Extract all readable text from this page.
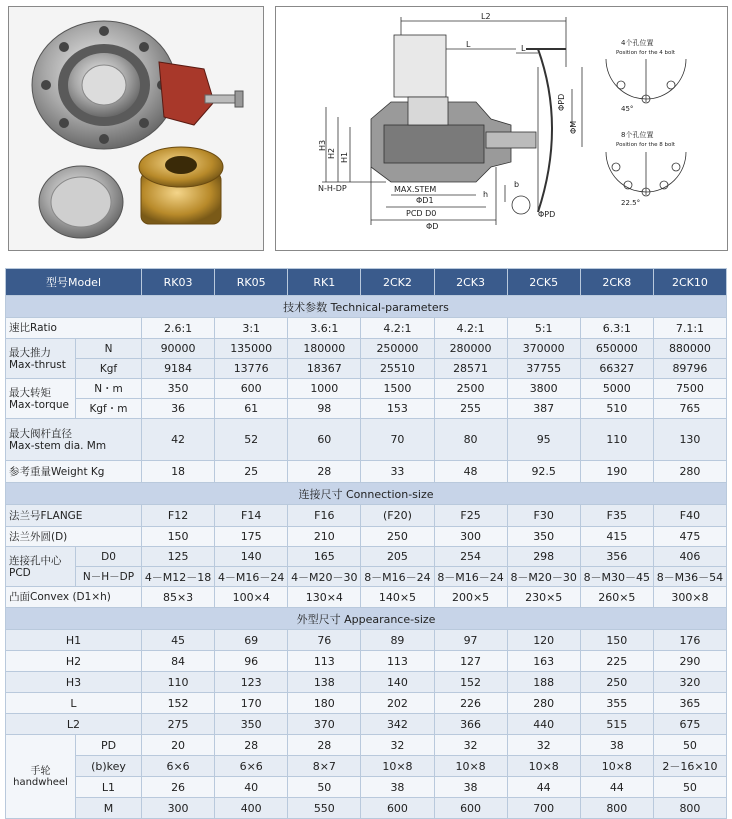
L2
L	L
ΦPD
ΦM
H3
H2 H1
N-H-DP	MAX.STEM
ΦD1
PCD D0
ΦD
h
b
ΦPD
4个孔位置
Position for the 4 bolt
45°
8个孔位置
Position for the 8 bolt
22.5°
型号Model		RK03	RK05	RK1	2CK2	2CK3	2CK5	2CK8	2CK10
技术参数 Technical-parameters									
速比Ratio		2.6:1	3:1	3.6:1	4.2:1	4.2:1	5:1	6.3:1	7.1:1
最大推力
Max-thrust	N	90000	135000	180000	250000	280000	370000	650000	880000
	Kgf	9184	13776	18367	25510	28571	37755	66327	89796
最大转矩
Max-torque	N・m	350	600	1000	1500	2500	3800	5000	7500
	Kgf・m	36	61	98	153	255	387	510	765
最大阀杆直径
Max-stem dia. Mm		42	52	60	70	80	95	110	130
参考重量Weight Kg		18	25	28	33	48	92.5	190	280
连接尺寸 Connection-size									
法兰号FLANGE		F12	F14	F16	(F20)	F25	F30	F35	F40
法兰外圆(D)		150	175	210	250	300	350	415	475
连接孔中心
PCD	D0	125	140	165	205	254	298	356	406
	N－H－DP	4－M12－18	4－M16－24	4－M20－30	8－M16－24	8－M16－24	8－M20－30	8－M30－45	8－M36－54
凸面Convex (D1×h)		85×3	100×4	130×4	140×5	200×5	230×5	260×5	300×8
外型尺寸 Appearance-size									
H1		45	69	76	89	97	120	150	176
H2		84	96	113	113	127	163	225	290
H3		110	123	138	140	152	188	250	320
L		152	170	180	202	226	280	355	365
L2		275	350	370	342	366	440	515	675
手轮
handwheel	PD	20	28	28	32	32	32	38	50
	(b)key	6×6	6×6	8×7	10×8	10×8	10×8	10×8	2－16×10
	L1	26	40	50	38	38	44	44	50
	M	300	400	550	600	600	700	800	800
